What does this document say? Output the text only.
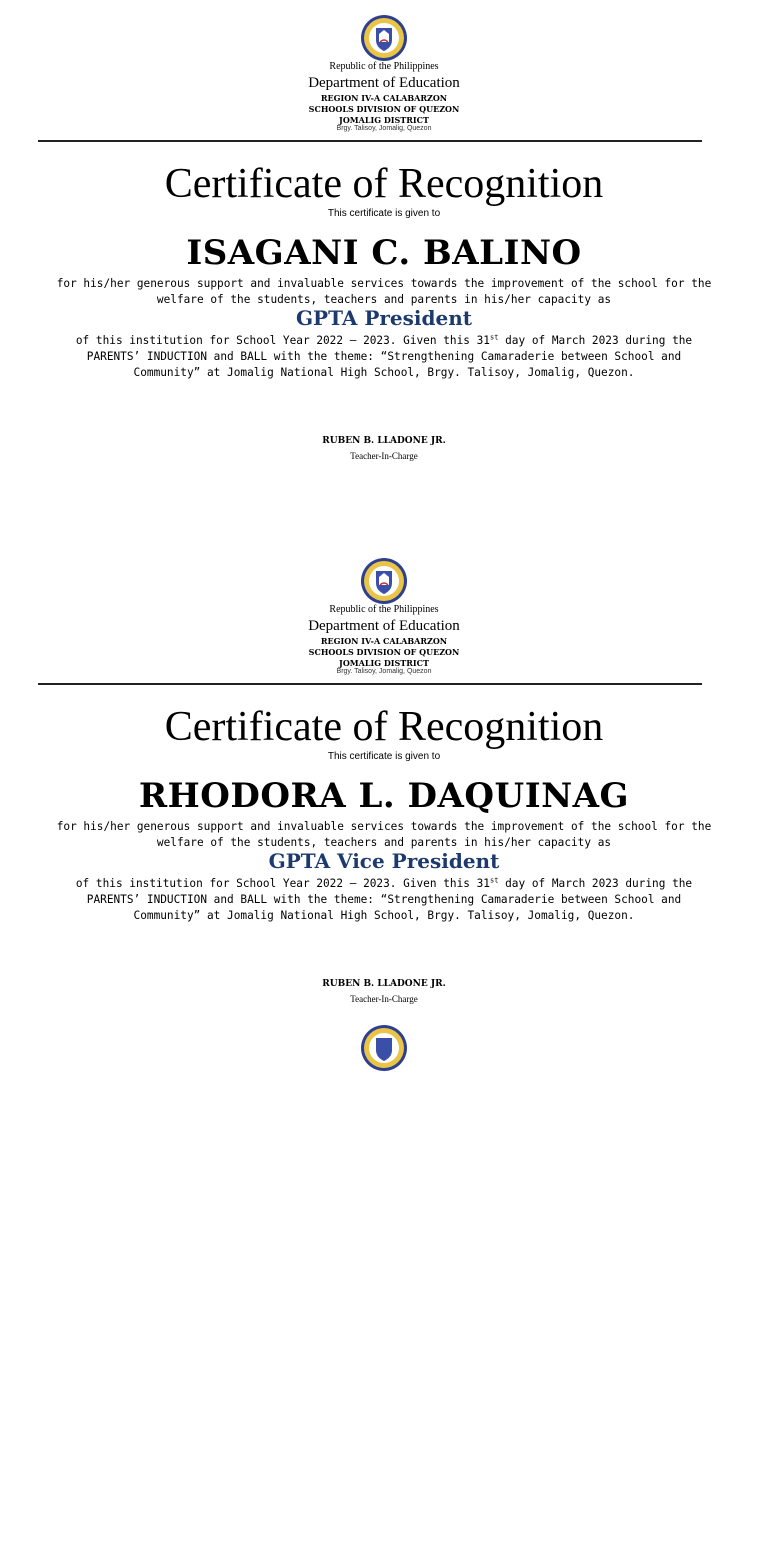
Republic of the Philippines
Department of Education
REGION IV-A CALABARZON
SCHOOLS DIVISION OF QUEZON
JOMALIG DISTRICT
Brgy. Talisoy, Jomalig, Quezon
Certificate of Recognition
This certificate is given to
ISAGANI C. BALINO
for his/her generous support and invaluable services towards the improvement of the school for the
welfare of the students, teachers and parents in his/her capacity as
GPTA President
of this institution for School Year 2022 – 2023. Given this 31st day of March 2023 during the
PARENTS’ INDUCTION and BALL with the theme: “Strengthening Camaraderie between School and
Community” at Jomalig National High School, Brgy. Talisoy, Jomalig, Quezon.
RUBEN B. LLADONE JR.
Teacher-In-Charge
Republic of the Philippines
Department of Education
REGION IV-A CALABARZON
SCHOOLS DIVISION OF QUEZON
JOMALIG DISTRICT
Brgy. Talisoy, Jomalig, Quezon
Certificate of Recognition
This certificate is given to
RHODORA L. DAQUINAG
for his/her generous support and invaluable services towards the improvement of the school for the
welfare of the students, teachers and parents in his/her capacity as
GPTA Vice President
of this institution for School Year 2022 – 2023. Given this 31st day of March 2023 during the
PARENTS’ INDUCTION and BALL with the theme: “Strengthening Camaraderie between School and
Community” at Jomalig National High School, Brgy. Talisoy, Jomalig, Quezon.
RUBEN B. LLADONE JR.
Teacher-In-Charge
